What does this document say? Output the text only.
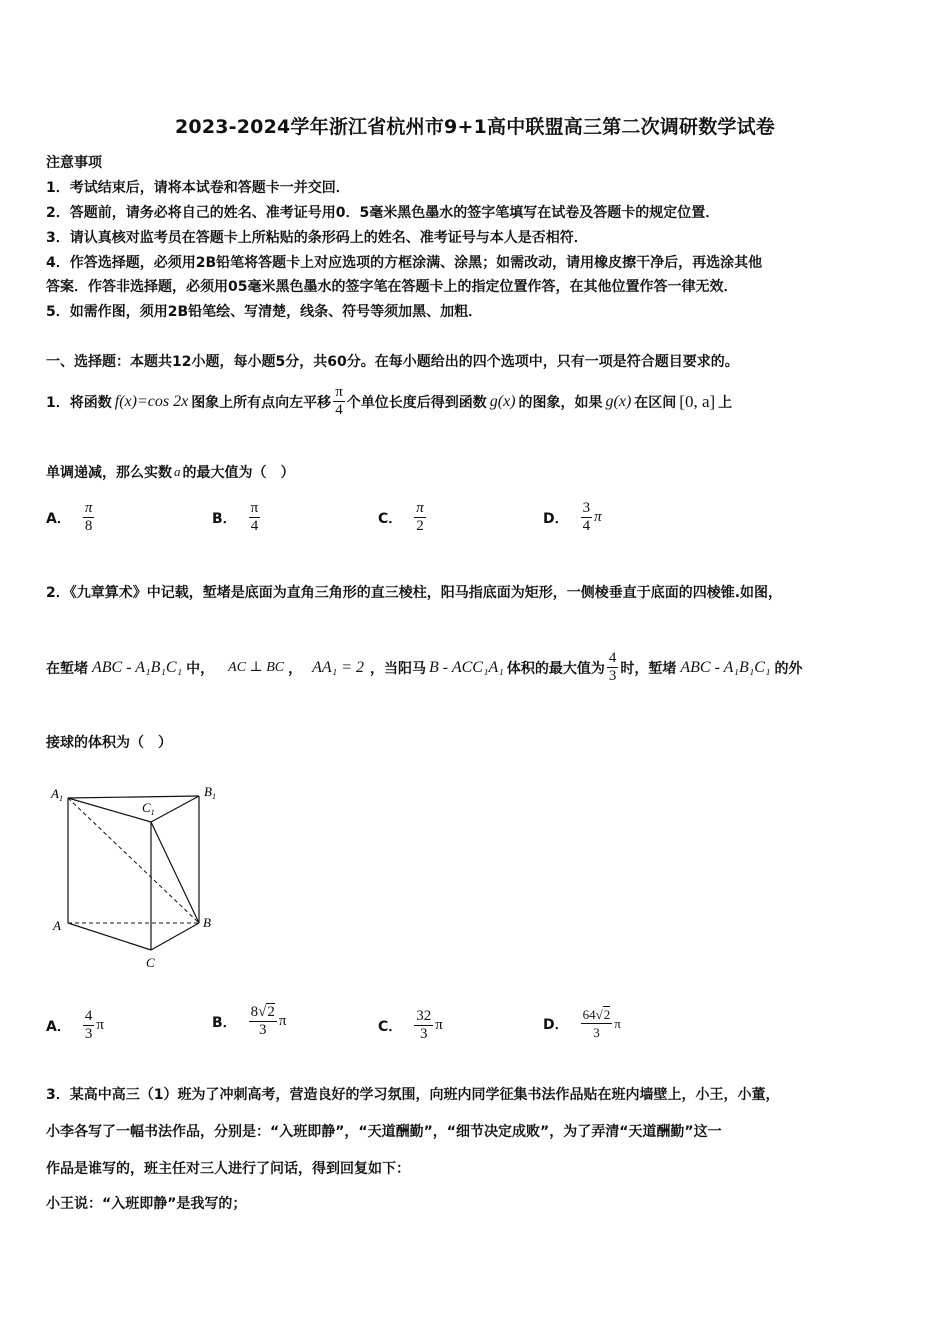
2023-2024学年浙江省杭州市9+1高中联盟高三第二次调研数学试卷
注意事项
1．考试结束后，请将本试卷和答题卡一并交回．
2．答题前，请务必将自己的姓名、准考证号用0．5毫米黑色墨水的签字笔填写在试卷及答题卡的规定位置．
3．请认真核对监考员在答题卡上所粘贴的条形码上的姓名、准考证号与本人是否相符．
4．作答选择题，必须用2B铅笔将答题卡上对应选项的方框涂满、涂黑；如需改动，请用橡皮擦干净后，再选涂其他
答案．作答非选择题，必须用05毫米黑色墨水的签字笔在答题卡上的指定位置作答，在其他位置作答一律无效．
5．如需作图，须用2B铅笔绘、写清楚，线条、符号等须加黑、加粗．
一、选择题：本题共12小题，每小题5分，共60分。在每小题给出的四个选项中，只有一项是符合题目要求的。
1．将函数 f(x)=cos 2x 图象上所有点向左平移 $\frac{\pi}{4}$ 个单位长度后得到函数 g(x) 的图象，如果 g(x) 在区间 [0, a] 上
单调递减，那么实数 a 的最大值为（　）
A． $\frac{\pi}{8}$	B． $\frac{\pi}{4}$	C． $\frac{\pi}{2}$	D． $\frac{3}{4}$ π
2．《九章算术》中记载，堑堵是底面为直角三角形的直三棱柱，阳马指底面为矩形，一侧棱垂直于底面的四棱锥.如图，
在堑堵 ABC - A₁B₁C₁ 中， AC ⊥ BC ， AA₁ = 2 ，当阳马 B - ACC₁A₁ 体积的最大值为 $\frac{4}{3}$ 时，堑堵 ABC - A₁B₁C₁ 的外
接球的体积为（　）
$A_1$
$C_1$
$B_1$
A	B
C
A． $\frac{4}{3}$ π	B． $\frac{8√2}{3}$ π	C． $\frac{32}{3}$ π	D． $\frac{64√2}{3}$ π
3．某高中高三（1）班为了冲刺高考，营造良好的学习氛围，向班内同学征集书法作品贴在班内墙壁上，小王，小董，
小李各写了一幅书法作品，分别是：“入班即静”，“天道酬勤”，“细节决定成败”，为了弄清“天道酬勤”这一
作品是谁写的，班主任对三人进行了问话，得到回复如下：
小王说：“入班即静”是我写的；
